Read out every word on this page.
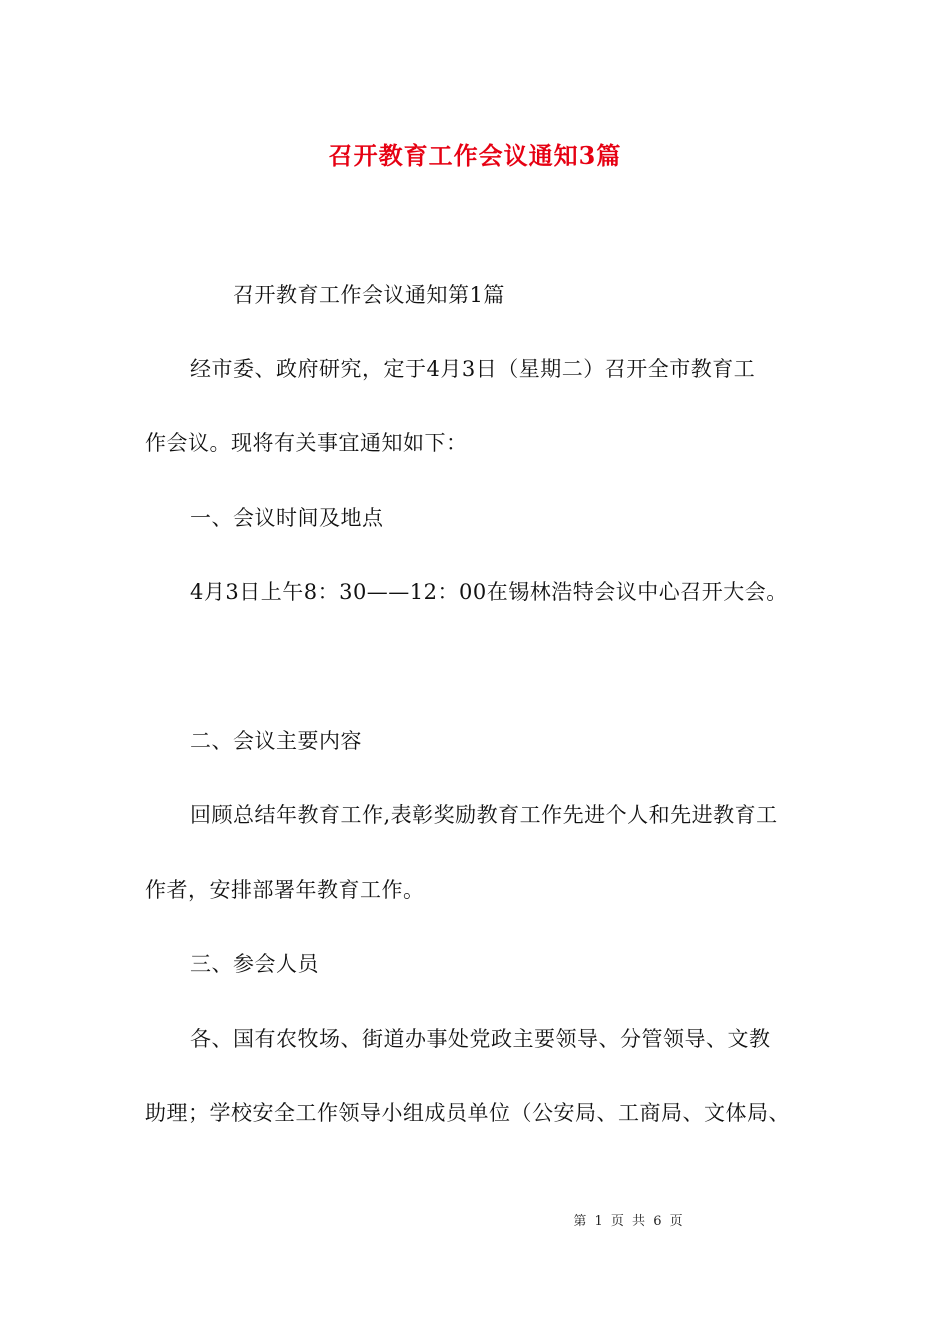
召开教育工作会议通知3篇
召开教育工作会议通知第1篇
经市委、政府研究，定于4月3日（星期二）召开全市教育工
作会议。现将有关事宜通知如下：
一、会议时间及地点
4月3日上午8：30——12：00在锡林浩特会议中心召开大会。
二、会议主要内容
回顾总结年教育工作,表彰奖励教育工作先进个人和先进教育工
作者，安排部署年教育工作。
三、参会人员
各、国有农牧场、街道办事处党政主要领导、分管领导、文教
助理；学校安全工作领导小组成员单位（公安局、工商局、文体局、
第 1 页 共 6 页
